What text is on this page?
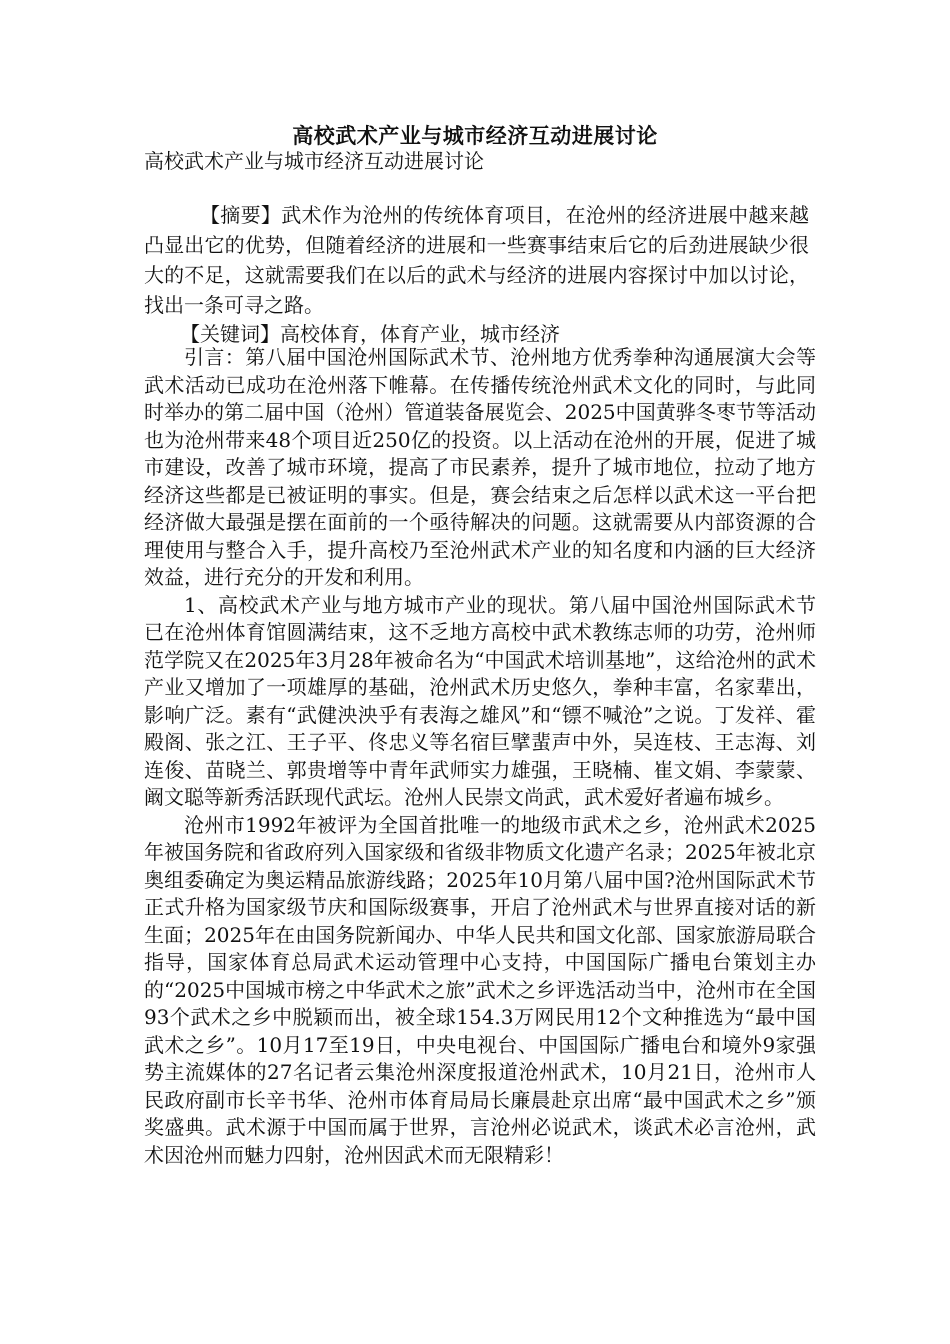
高校武术产业与城市经济互动进展讨论
高校武术产业与城市经济互动进展讨论

【摘要】武术作为沧州的传统体育项目，在沧州的经济进展中越来越凸显出它的优势，但随着经济的进展和一些赛事结束后它的后劲进展缺少很大的不足，这就需要我们在以后的武术与经济的进展内容探讨中加以讨论，找出一条可寻之路。

【关键词】高校体育，体育产业，城市经济

引言：第八届中国沧州国际武术节、沧州地方优秀拳种沟通展演大会等武术活动已成功在沧州落下帷幕。在传播传统沧州武术文化的同时，与此同时举办的第二届中国（沧州）管道装备展览会、2025中国黄骅冬枣节等活动也为沧州带来48个项目近250亿的投资。以上活动在沧州的开展，促进了城市建设，改善了城市环境，提高了市民素养，提升了城市地位，拉动了地方经济这些都是已被证明的事实。但是，赛会结束之后怎样以武术这一平台把经济做大最强是摆在面前的一个亟待解决的问题。这就需要从内部资源的合理使用与整合入手，提升高校乃至沧州武术产业的知名度和内涵的巨大经济效益，进行充分的开发和利用。

1、高校武术产业与地方城市产业的现状。第八届中国沧州国际武术节已在沧州体育馆圆满结束，这不乏地方高校中武术教练志师的功劳，沧州师范学院又在2025年3月28年被命名为“中国武术培训基地”，这给沧州的武术产业又增加了一项雄厚的基础，沧州武术历史悠久，拳种丰富，名家辈出，影响广泛。素有“武健泱泱乎有表海之雄风”和“镖不喊沧”之说。丁发祥、霍殿阁、张之江、王子平、佟忠义等名宿巨擘蜚声中外，吴连枝、王志海、刘连俊、苗晓兰、郭贵增等中青年武师实力雄强，王晓楠、崔文娟、李蒙蒙、阚文聪等新秀活跃现代武坛。沧州人民崇文尚武，武术爱好者遍布城乡。

沧州市1992年被评为全国首批唯一的地级市武术之乡，沧州武术2025年被国务院和省政府列入国家级和省级非物质文化遗产名录；2025年被北京奥组委确定为奥运精品旅游线路；2025年10月第八届中国?沧州国际武术节正式升格为国家级节庆和国际级赛事，开启了沧州武术与世界直接对话的新生面；2025年在由国务院新闻办、中华人民共和国文化部、国家旅游局联合指导，国家体育总局武术运动管理中心支持，中国国际广播电台策划主办的“2025中国城市榜之中华武术之旅”武术之乡评选活动当中，沧州市在全国93个武术之乡中脱颖而出，被全球154.3万网民用12个文种推选为“最中国武术之乡”。10月17至19日，中央电视台、中国国际广播电台和境外9家强势主流媒体的27名记者云集沧州深度报道沧州武术，10月21日，沧州市人民政府副市长辛书华、沧州市体育局局长廉晨赴京出席“最中国武术之乡”颁奖盛典。武术源于中国而属于世界，言沧州必说武术，谈武术必言沧州，武术因沧州而魅力四射，沧州因武术而无限精彩！
